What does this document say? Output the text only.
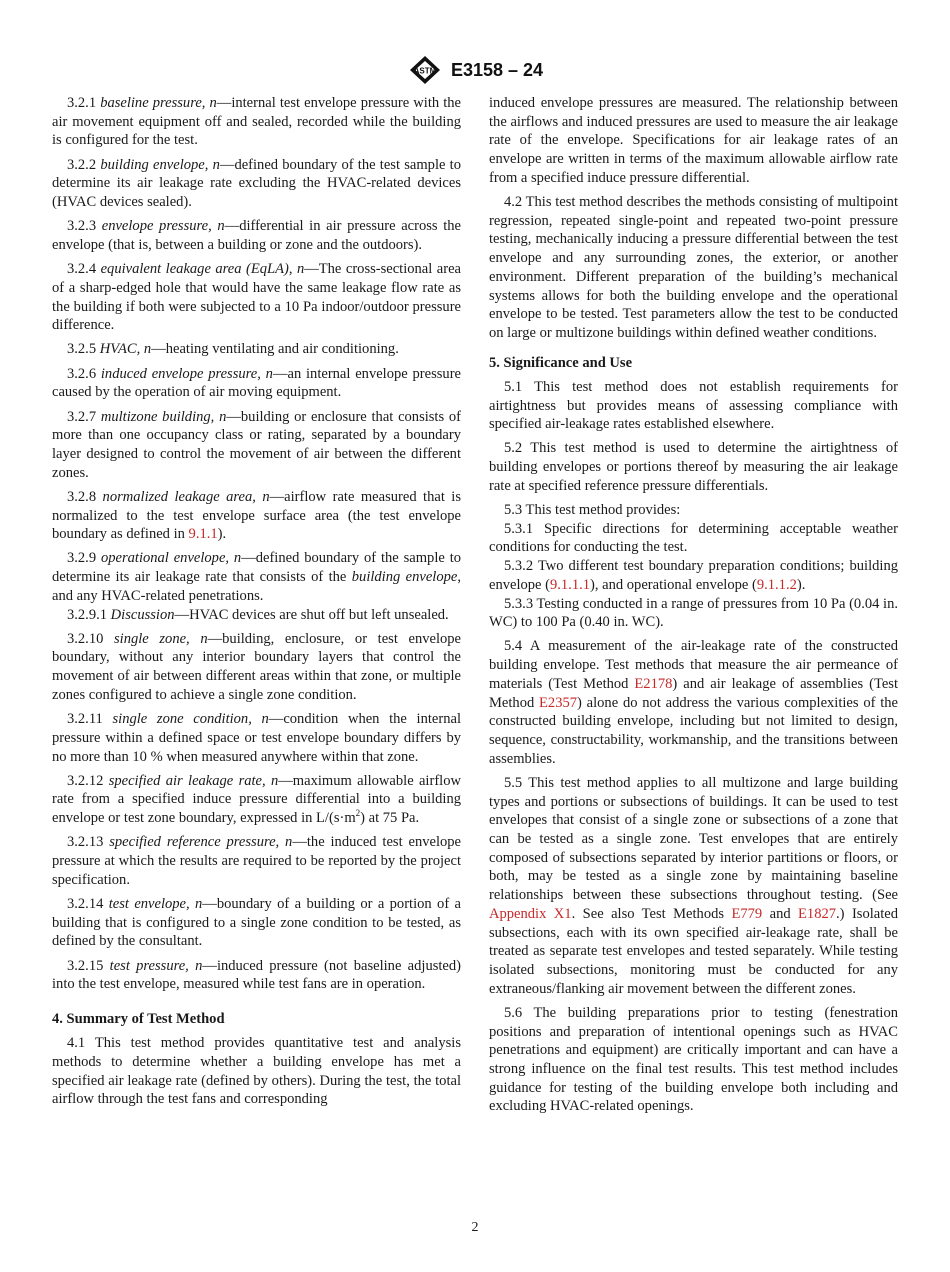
ASTM E3158 – 24

3.2.1 baseline pressure, n—internal test envelope pressure with the air movement equipment off and sealed, recorded while the building is configured for the test.

3.2.2 building envelope, n—defined boundary of the test sample to determine its air leakage rate excluding the HVAC-related devices (HVAC devices sealed).

3.2.3 envelope pressure, n—differential in air pressure across the envelope (that is, between a building or zone and the outdoors).

3.2.4 equivalent leakage area (EqLA), n—The cross-sectional area of a sharp-edged hole that would have the same leakage flow rate as the building if both were subjected to a 10 Pa indoor/outdoor pressure difference.

3.2.5 HVAC, n—heating ventilating and air conditioning.

3.2.6 induced envelope pressure, n—an internal envelope pressure caused by the operation of air moving equipment.

3.2.7 multizone building, n—building or enclosure that consists of more than one occupancy class or rating, separated by a boundary layer designed to control the movement of air between the different zones.

3.2.8 normalized leakage area, n—airflow rate measured that is normalized to the test envelope surface area (the test envelope boundary as defined in 9.1.1).

3.2.9 operational envelope, n—defined boundary of the sample to determine its air leakage rate that consists of the building envelope, and any HVAC-related penetrations.

3.2.9.1 Discussion—HVAC devices are shut off but left unsealed.

3.2.10 single zone, n—building, enclosure, or test envelope boundary, without any interior boundary layers that control the movement of air between different areas within that zone, or multiple zones configured to achieve a single zone condition.

3.2.11 single zone condition, n—condition when the internal pressure within a defined space or test envelope boundary differs by no more than 10 % when measured anywhere within that zone.

3.2.12 specified air leakage rate, n—maximum allowable airflow rate from a specified induce pressure differential into a building envelope or test zone boundary, expressed in $L/(s\cdot m^2)$ at 75 Pa.

3.2.13 specified reference pressure, n—the induced test envelope pressure at which the results are required to be reported by the project specification.

3.2.14 test envelope, n—boundary of a building or a portion of a building that is configured to a single zone condition to be tested, as defined by the consultant.

3.2.15 test pressure, n—induced pressure (not baseline adjusted) into the test envelope, measured while test fans are in operation.

4. Summary of Test Method

4.1 This test method provides quantitative test and analysis methods to determine whether a building envelope has met a specified air leakage rate (defined by others). During the test, the total airflow through the test fans and corresponding

induced envelope pressures are measured. The relationship between the airflows and induced pressures are used to measure the air leakage rate of the envelope. Specifications for air leakage rates of an envelope are written in terms of the maximum allowable airflow rate from a specified induce pressure differential.

4.2 This test method describes the methods consisting of multipoint regression, repeated single-point and repeated two-point pressure testing, mechanically inducing a pressure differential between the test envelope and any surrounding zones, the exterior, or another environment. Different preparation of the building’s mechanical systems allows for both the building envelope and the operational envelope to be tested. Test parameters allow the test to be conducted on large or multizone buildings within defined weather conditions.

5. Significance and Use

5.1 This test method does not establish requirements for airtightness but provides means of assessing compliance with specified air-leakage rates established elsewhere.

5.2 This test method is used to determine the airtightness of building envelopes or portions thereof by measuring the air leakage rate at specified reference pressure differentials.

5.3 This test method provides:

5.3.1 Specific directions for determining acceptable weather conditions for conducting the test.

5.3.2 Two different test boundary preparation conditions; building envelope (9.1.1.1), and operational envelope (9.1.1.2).

5.3.3 Testing conducted in a range of pressures from 10 Pa (0.04 in. WC) to 100 Pa (0.40 in. WC).

5.4 A measurement of the air-leakage rate of the constructed building envelope. Test methods that measure the air permeance of materials (Test Method E2178) and air leakage of assemblies (Test Method E2357) alone do not address the various complexities of the constructed building envelope, including but not limited to design, sequence, constructability, workmanship, and the transitions between assemblies.

5.5 This test method applies to all multizone and large building types and portions or subsections of buildings. It can be used to test envelopes that consist of a single zone or subsections of a zone that can be tested as a single zone. Test envelopes that are entirely composed of subsections separated by interior partitions or floors, or both, may be tested as a single zone by maintaining baseline relationships between these subsections throughout testing. (See Appendix X1. See also Test Methods E779 and E1827.) Isolated subsections, each with its own specified air-leakage rate, shall be treated as separate test envelopes and tested separately. While testing isolated subsections, monitoring must be conducted for any extraneous/flanking air movement between the different zones.

5.6 The building preparations prior to testing (fenestration positions and preparation of intentional openings such as HVAC penetrations and equipment) are critically important and can have a strong influence on the final test results. This test method includes guidance for testing of the building envelope both including and excluding HVAC-related openings.

2
